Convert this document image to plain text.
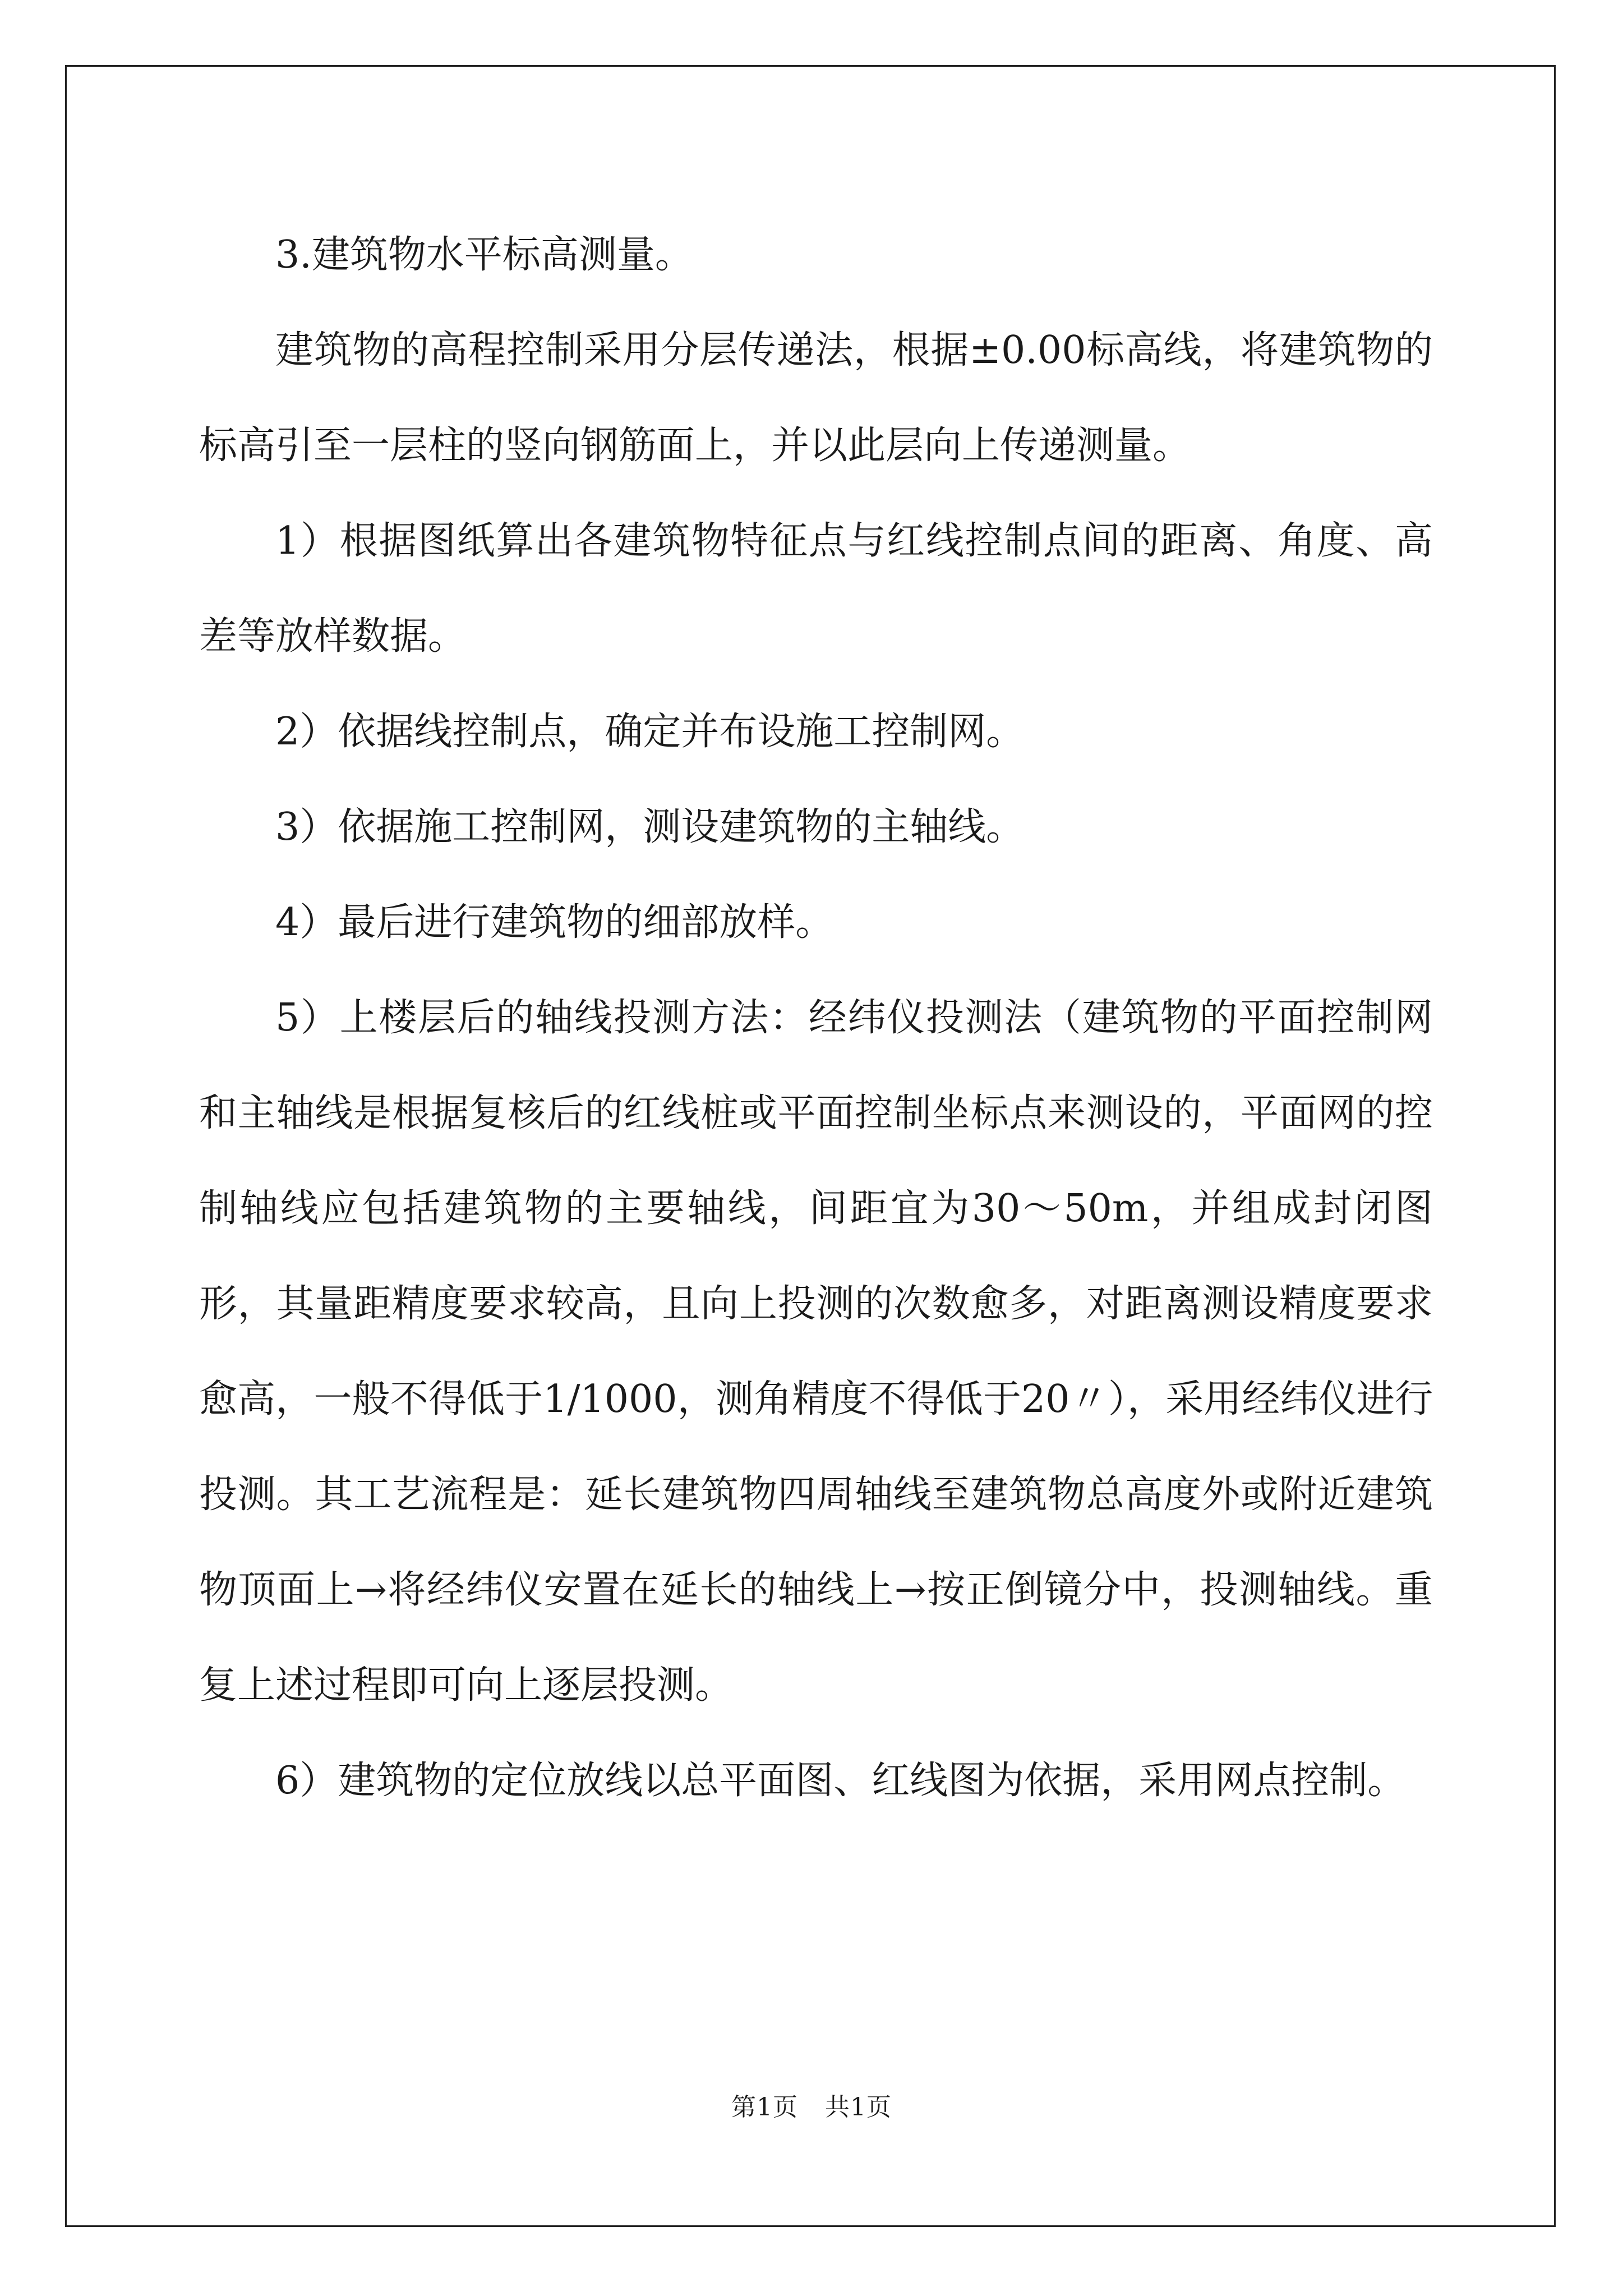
3.建筑物水平标高测量。

建筑物的高程控制采用分层传递法，根据±0.00标高线，将建筑物的标高引至一层柱的竖向钢筋面上，并以此层向上传递测量。

1）根据图纸算出各建筑物特征点与红线控制点间的距离、角度、高差等放样数据。

2）依据线控制点，确定并布设施工控制网。

3）依据施工控制网，测设建筑物的主轴线。

4）最后进行建筑物的细部放样。

5）上楼层后的轴线投测方法：经纬仪投测法（建筑物的平面控制网和主轴线是根据复核后的红线桩或平面控制坐标点来测设的，平面网的控制轴线应包括建筑物的主要轴线，间距宜为30～50m，并组成封闭图形，其量距精度要求较高，且向上投测的次数愈多，对距离测设精度要求愈高，一般不得低于1/1000，测角精度不得低于20〃），采用经纬仪进行投测。其工艺流程是：延长建筑物四周轴线至建筑物总高度外或附近建筑物顶面上→将经纬仪安置在延长的轴线上→按正倒镜分中，投测轴线。重复上述过程即可向上逐层投测。

6）建筑物的定位放线以总平面图、红线图为依据，采用网点控制。

第1页 共1页
